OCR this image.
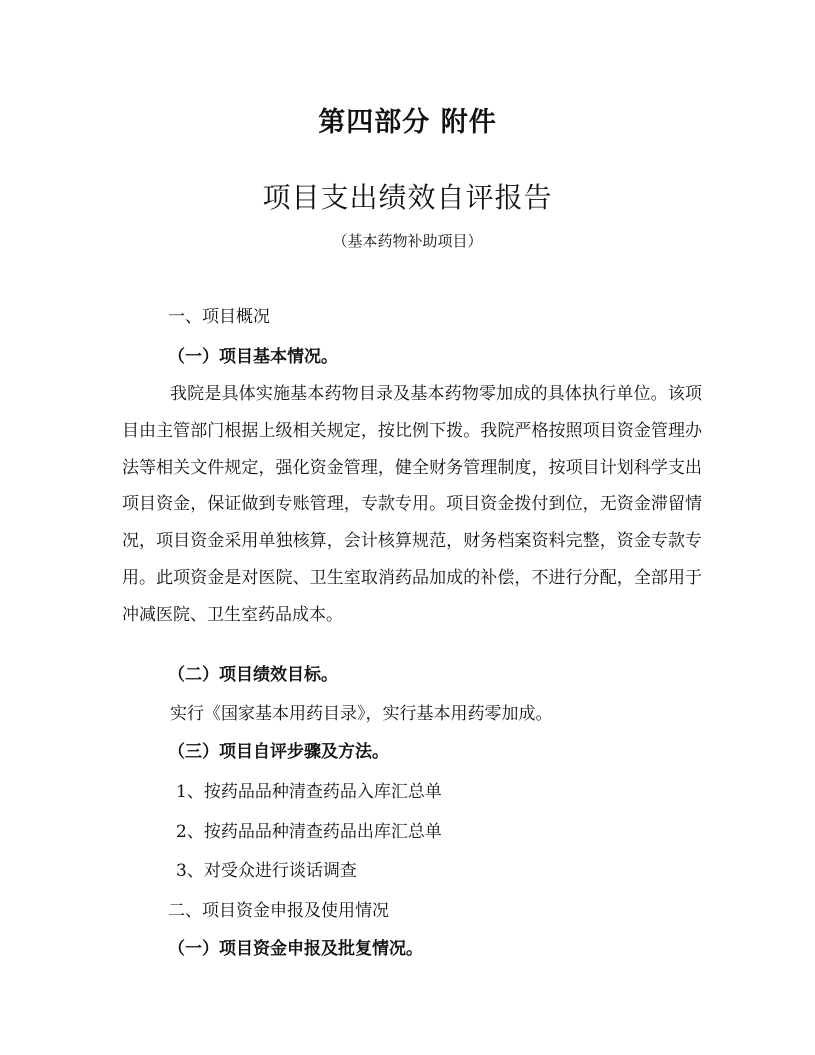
第四部分 附件
项目支出绩效自评报告
（基本药物补助项目）
一、项目概况
（一）项目基本情况。

我院是具体实施基本药物目录及基本药物零加成的具体执行单位。该项目由主管部门根据上级相关规定，按比例下拨。我院严格按照项目资金管理办法等相关文件规定，强化资金管理，健全财务管理制度，按项目计划科学支出项目资金，保证做到专账管理，专款专用。项目资金拨付到位，无资金滞留情况，项目资金采用单独核算，会计核算规范，财务档案资料完整，资金专款专用。此项资金是对医院、卫生室取消药品加成的补偿，不进行分配，全部用于冲减医院、卫生室药品成本。

（二）项目绩效目标。
实行《国家基本用药目录》，实行基本用药零加成。
（三）项目自评步骤及方法。
1、按药品品种清查药品入库汇总单
2、按药品品种清查药品出库汇总单
3、对受众进行谈话调查
二、项目资金申报及使用情况
（一）项目资金申报及批复情况。
